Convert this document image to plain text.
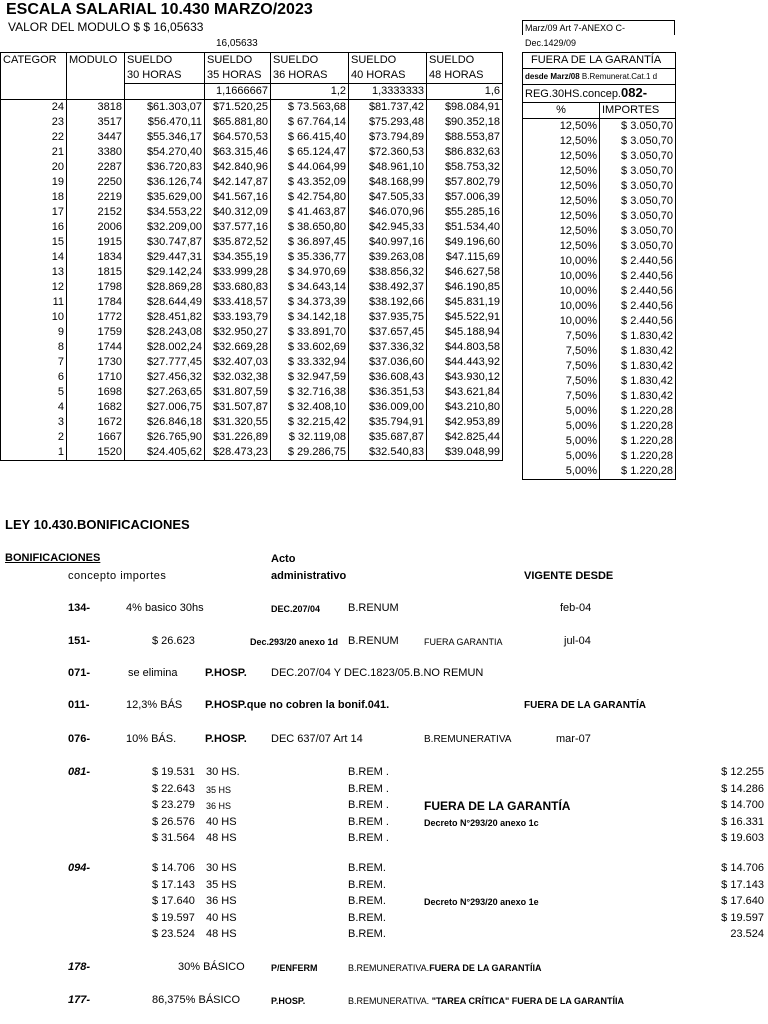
ESCALA SALARIAL 10.430 MARZO/2023
VALOR DEL MODULO $ $ 16,05633
16,05633
Marz/09 Art 7-ANEXO C- Dec.1429/09
CATEGOR	MODULO	SUELDO	SUELDO	SUELDO	SUELDO	SUELDO
		30 HORAS	35 HORAS	36 HORAS	40 HORAS	48 HORAS
			1,1666667	1,2	1,3333333	1,6
24	3818	$61.303,07	$71.520,25	$ 73.563,68	$81.737,42	$98.084,91
23	3517	$56.470,11	$65.881,80	$ 67.764,14	$75.293,48	$90.352,18
22	3447	$55.346,17	$64.570,53	$ 66.415,40	$73.794,89	$88.553,87
21	3380	$54.270,40	$63.315,46	$ 65.124,47	$72.360,53	$86.832,63
20	2287	$36.720,83	$42.840,96	$ 44.064,99	$48.961,10	$58.753,32
19	2250	$36.126,74	$42.147,87	$ 43.352,09	$48.168,99	$57.802,79
18	2219	$35.629,00	$41.567,16	$ 42.754,80	$47.505,33	$57.006,39
17	2152	$34.553,22	$40.312,09	$ 41.463,87	$46.070,96	$55.285,16
16	2006	$32.209,00	$37.577,16	$ 38.650,80	$42.945,33	$51.534,40
15	1915	$30.747,87	$35.872,52	$ 36.897,45	$40.997,16	$49.196,60
14	1834	$29.447,31	$34.355,19	$ 35.336,77	$39.263,08	$47.115,69
13	1815	$29.142,24	$33.999,28	$ 34.970,69	$38.856,32	$46.627,58
12	1798	$28.869,28	$33.680,83	$ 34.643,14	$38.492,37	$46.190,85
11	1784	$28.644,49	$33.418,57	$ 34.373,39	$38.192,66	$45.831,19
10	1772	$28.451,82	$33.193,79	$ 34.142,18	$37.935,75	$45.522,91
9	1759	$28.243,08	$32.950,27	$ 33.891,70	$37.657,45	$45.188,94
8	1744	$28.002,24	$32.669,28	$ 33.602,69	$37.336,32	$44.803,58
7	1730	$27.777,45	$32.407,03	$ 33.332,94	$37.036,60	$44.443,92
6	1710	$27.456,32	$32.032,38	$ 32.947,59	$36.608,43	$43.930,12
5	1698	$27.263,65	$31.807,59	$ 32.716,38	$36.351,53	$43.621,84
4	1682	$27.006,75	$31.507,87	$ 32.408,10	$36.009,00	$43.210,80
3	1672	$26.846,18	$31.320,55	$ 32.215,42	$35.794,91	$42.953,89
2	1667	$26.765,90	$31.226,89	$ 32.119,08	$35.687,87	$42.825,44
1	1520	$24.405,62	$28.473,23	$ 29.286,75	$32.540,83	$39.048,99
FUERA DE LA GARANTÍA	
desde Marz/08 B.Remunerat.Cat.1 d	
REG.30HS.concep.082-	
%	IMPORTES
12,50%	$ 3.050,70
12,50%	$ 3.050,70
12,50%	$ 3.050,70
12,50%	$ 3.050,70
12,50%	$ 3.050,70
12,50%	$ 3.050,70
12,50%	$ 3.050,70
12,50%	$ 3.050,70
12,50%	$ 3.050,70
10,00%	$ 2.440,56
10,00%	$ 2.440,56
10,00%	$ 2.440,56
10,00%	$ 2.440,56
10,00%	$ 2.440,56
7,50%	$ 1.830,42
7,50%	$ 1.830,42
7,50%	$ 1.830,42
7,50%	$ 1.830,42
7,50%	$ 1.830,42
5,00%	$ 1.220,28
5,00%	$ 1.220,28
5,00%	$ 1.220,28
5,00%	$ 1.220,28
5,00%	$ 1.220,28
LEY 10.430.BONIFICACIONES
BONIFICACIONES
concepto importes
Acto
administrativo	VIGENTE DESDE
134-	4% basico 30hs	DEC.207/04	B.RENUM	feb-04
151-	$ 26.623	Dec.293/20 anexo 1d B.RENUM	FUERA GARANTIA	jul-04
071-	se elimina P.HOSP. DEC.207/04 Y DEC.1823/05.B.NO REMUN
011-	12,3% BÁS P.HOSP.que no cobren la bonif.041.	FUERA DE LA GARANTÍA
076-	10% BÁS.	P.HOSP. DEC 637/07 Art 14	B.REMUNERATIVA	mar-07
081-	$ 19.531 30 HS.	B.REM .	$ 12.255
$ 22.643 35 HS	B.REM .	$ 14.286
$ 23.279 36 HS	B.REM .	FUERA DE LA GARANTÍA	$ 14.700
$ 26.576 40 HS	B.REM .	Decreto N°293/20 anexo 1c	$ 16.331
$ 31.564 48 HS	B.REM .	$ 19.603
094-	$ 14.706 30 HS	B.REM.	$ 14.706
$ 17.143 35 HS	B.REM.	$ 17.143
$ 17.640 36 HS	B.REM.	Decreto N°293/20 anexo 1e	$ 17.640
$ 19.597 40 HS	B.REM.	$ 19.597
$ 23.524 48 HS	B.REM.	23.524
178-	30% BÁSICO	P/ENFERM	B.REMUNERATIVA.FUERA DE LA GARANTÍIA
177-	86,375% BÁSICO	P.HOSP.	B.REMUNERATIVA. "TAREA CRÍTICA" FUERA DE LA GARANTÍIA
